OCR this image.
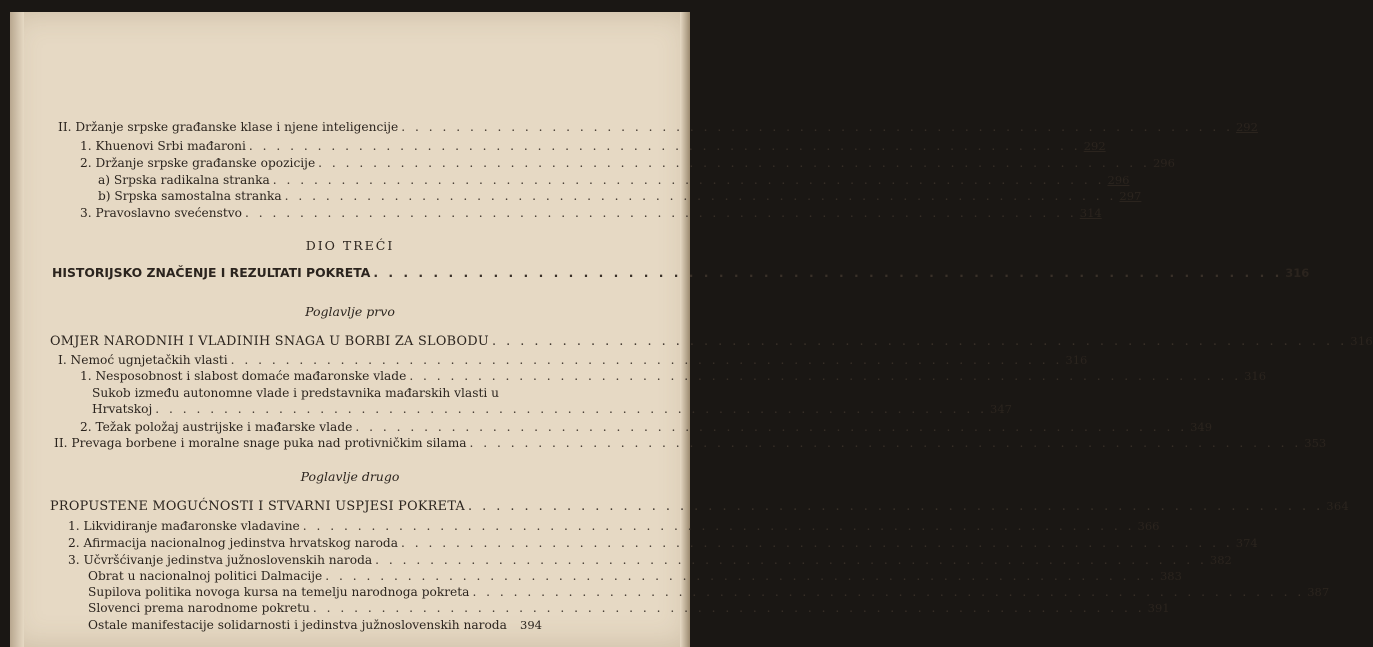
II. Držanje srpske građanske klase i njene inteligencije . . . . . . . . . . . . . . . . . . . . . . . . . . . . . . . . . . . . . . . . . . . . . . . . . . . . . . . . . . . . . 292
1. Khuenovi Srbi mađaroni . . . . . . . . . . . . . . . . . . . . . . . . . . . . . . . . . . . . . . . . . . . . . . . . . . . . . . . . . . . . . 292
2. Držanje srpske građanske opozicije . . . . . . . . . . . . . . . . . . . . . . . . . . . . . . . . . . . . . . . . . . . . . . . . . . . . . . . . . . . . . 296
a) Srpska radikalna stranka . . . . . . . . . . . . . . . . . . . . . . . . . . . . . . . . . . . . . . . . . . . . . . . . . . . . . . . . . . . . . 296
b) Srpska samostalna stranka . . . . . . . . . . . . . . . . . . . . . . . . . . . . . . . . . . . . . . . . . . . . . . . . . . . . . . . . . . . . . 297
3. Pravoslavno svećenstvo . . . . . . . . . . . . . . . . . . . . . . . . . . . . . . . . . . . . . . . . . . . . . . . . . . . . . . . . . . . . . 314
DIO TREĆI
HISTORIJSKO ZNAČENJE I REZULTATI POKRETA . . . . . . . . . . . . . . . . . . . . . . . . . . . . . . . . . . . . . . . . . . . . . . . . . . . . . . . . . . . . . 316
Poglavlje prvo
OMJER NARODNIH I VLADINIH SNAGA U BORBI ZA SLOBODU . . . . . . . . . . . . . . . . . . . . . . . . . . . . . . . . . . . . . . . . . . . . . . . . . . . . . . . . . . . . . 316
I. Nemoć ugnjetačkih vlasti . . . . . . . . . . . . . . . . . . . . . . . . . . . . . . . . . . . . . . . . . . . . . . . . . . . . . . . . . . . . . 316
1. Nesposobnost i slabost domaće mađaronske vlade . . . . . . . . . . . . . . . . . . . . . . . . . . . . . . . . . . . . . . . . . . . . . . . . . . . . . . . . . . . . . 316
Sukob između autonomne vlade i predstavnika mađarskih vlasti u
Hrvatskoj . . . . . . . . . . . . . . . . . . . . . . . . . . . . . . . . . . . . . . . . . . . . . . . . . . . . . . . . . . . . . 347
2. Težak položaj austrijske i mađarske vlade . . . . . . . . . . . . . . . . . . . . . . . . . . . . . . . . . . . . . . . . . . . . . . . . . . . . . . . . . . . . . 349
II. Prevaga borbene i moralne snage puka nad protivničkim silama . . . . . . . . . . . . . . . . . . . . . . . . . . . . . . . . . . . . . . . . . . . . . . . . . . . . . . . . . . . . . 353
Poglavlje drugo
PROPUSTENE MOGUĆNOSTI I STVARNI USPJESI POKRETA . . . . . . . . . . . . . . . . . . . . . . . . . . . . . . . . . . . . . . . . . . . . . . . . . . . . . . . . . . . . . 364
1. Likvidiranje mađaronske vladavine . . . . . . . . . . . . . . . . . . . . . . . . . . . . . . . . . . . . . . . . . . . . . . . . . . . . . . . . . . . . . 366
2. Afirmacija nacionalnog jedinstva hrvatskog naroda . . . . . . . . . . . . . . . . . . . . . . . . . . . . . . . . . . . . . . . . . . . . . . . . . . . . . . . . . . . . . 374
3. Učvršćivanje jedinstva južnoslovenskih naroda . . . . . . . . . . . . . . . . . . . . . . . . . . . . . . . . . . . . . . . . . . . . . . . . . . . . . . . . . . . . . 382
Obrat u nacionalnoj politici Dalmacije . . . . . . . . . . . . . . . . . . . . . . . . . . . . . . . . . . . . . . . . . . . . . . . . . . . . . . . . . . . . . 383
Supilova politika novoga kursa na temelju narodnoga pokreta . . . . . . . . . . . . . . . . . . . . . . . . . . . . . . . . . . . . . . . . . . . . . . . . . . . . . . . . . . . . . 387
Slovenci prema narodnome pokretu . . . . . . . . . . . . . . . . . . . . . . . . . . . . . . . . . . . . . . . . . . . . . . . . . . . . . . . . . . . . . 391
Ostale manifestacije solidarnosti i jedinstva južnoslovenskih naroda	394
